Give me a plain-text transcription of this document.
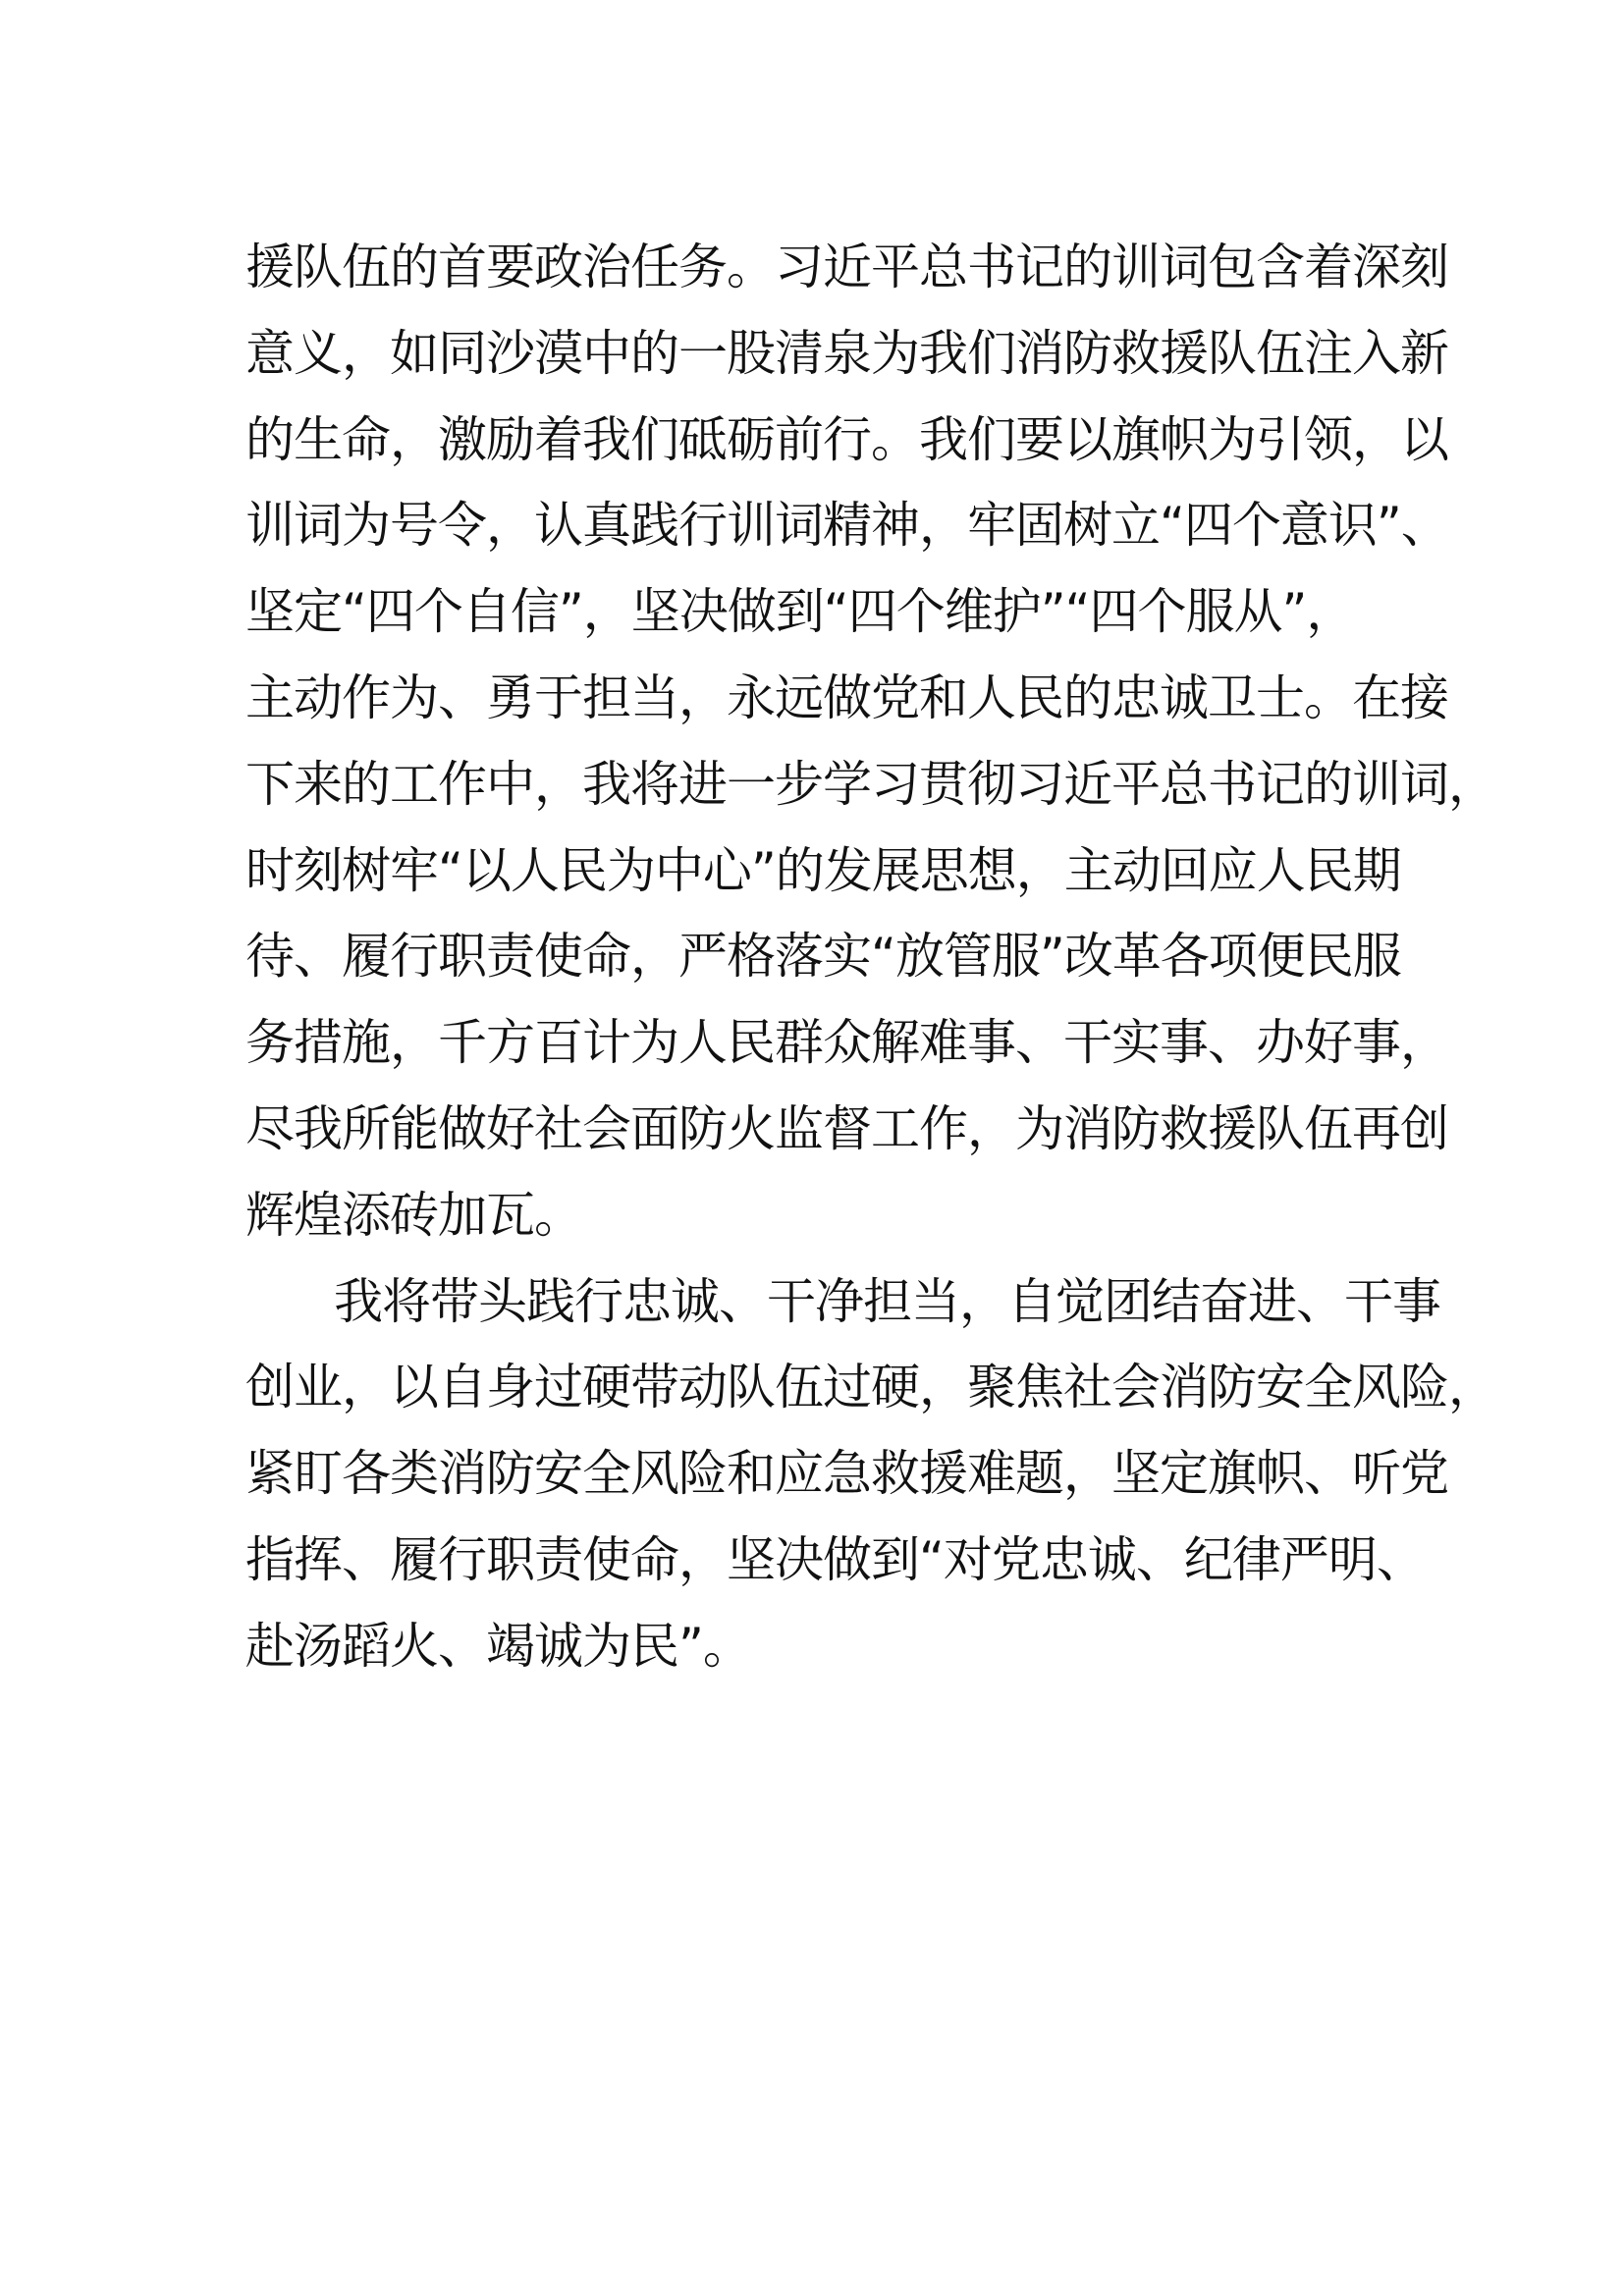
援队伍的首要政治任务。习近平总书记的训词包含着深刻
意义，如同沙漠中的一股清泉为我们消防救援队伍注入新
的生命，激励着我们砥砺前行。我们要以旗帜为引领，以
训词为号令，认真践行训词精神，牢固树立“四个意识”、
坚定“四个自信”，坚决做到“四个维护”“四个服从”，
主动作为、勇于担当，永远做党和人民的忠诚卫士。在接
下来的工作中，我将进一步学习贯彻习近平总书记的训词，
时刻树牢“以人民为中心”的发展思想，主动回应人民期
待、履行职责使命，严格落实“放管服”改革各项便民服
务措施，千方百计为人民群众解难事、干实事、办好事，
尽我所能做好社会面防火监督工作，为消防救援队伍再创
辉煌添砖加瓦。
我将带头践行忠诚、干净担当，自觉团结奋进、干事
创业，以自身过硬带动队伍过硬，聚焦社会消防安全风险，
紧盯各类消防安全风险和应急救援难题，坚定旗帜、听党
指挥、履行职责使命，坚决做到“对党忠诚、纪律严明、
赴汤蹈火、竭诚为民”。
